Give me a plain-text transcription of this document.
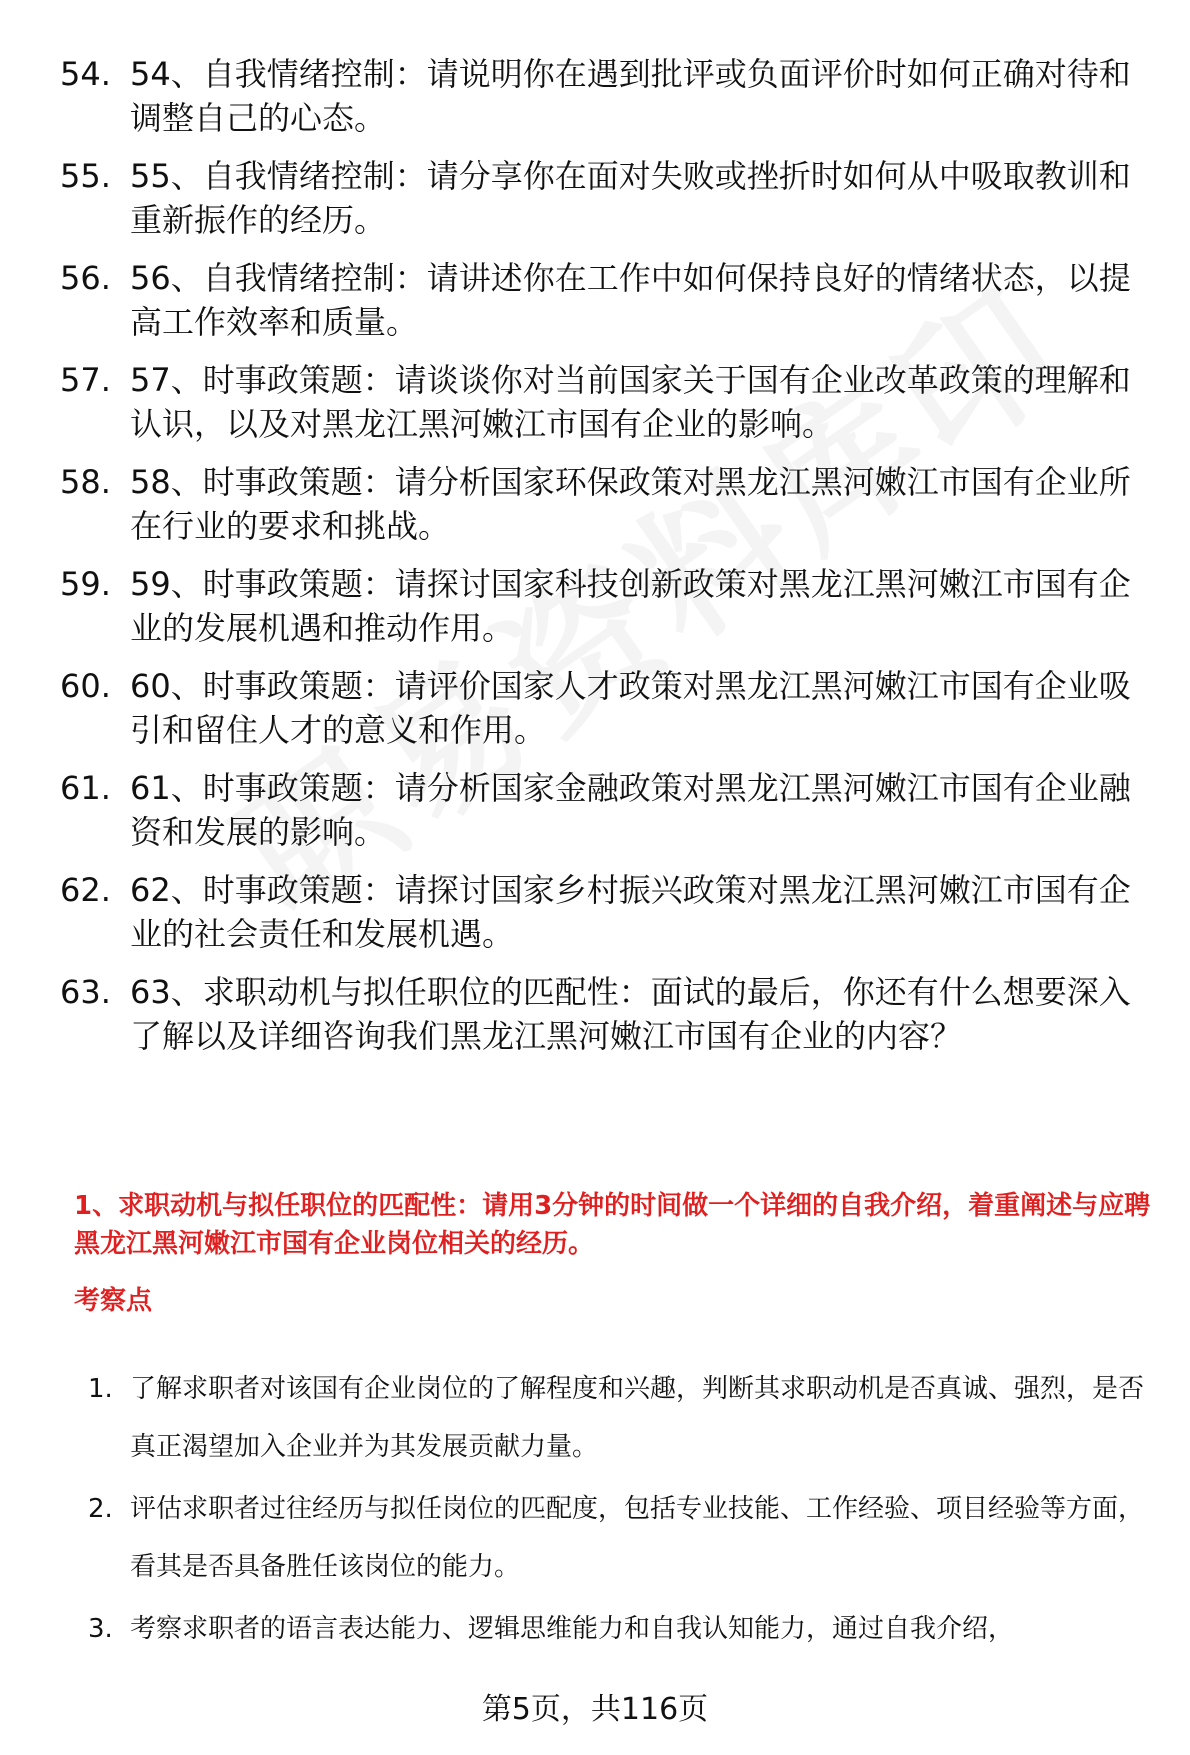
54. 54、自我情绪控制：请说明你在遇到批评或负面评价时如何正确对待和调整自己的心态。
55. 55、自我情绪控制：请分享你在面对失败或挫折时如何从中吸取教训和重新振作的经历。
56. 56、自我情绪控制：请讲述你在工作中如何保持良好的情绪状态，以提高工作效率和质量。
57. 57、时事政策题：请谈谈你对当前国家关于国有企业改革政策的理解和认识，以及对黑龙江黑河嫩江市国有企业的影响。
58. 58、时事政策题：请分析国家环保政策对黑龙江黑河嫩江市国有企业所在行业的要求和挑战。
59. 59、时事政策题：请探讨国家科技创新政策对黑龙江黑河嫩江市国有企业的发展机遇和推动作用。
60. 60、时事政策题：请评价国家人才政策对黑龙江黑河嫩江市国有企业吸引和留住人才的意义和作用。
61. 61、时事政策题：请分析国家金融政策对黑龙江黑河嫩江市国有企业融资和发展的影响。
62. 62、时事政策题：请探讨国家乡村振兴政策对黑龙江黑河嫩江市国有企业的社会责任和发展机遇。
63. 63、求职动机与拟任职位的匹配性：面试的最后，你还有什么想要深入了解以及详细咨询我们黑龙江黑河嫩江市国有企业的内容？
1、求职动机与拟任职位的匹配性：请用3分钟的时间做一个详细的自我介绍，着重阐述与应聘黑龙江黑河嫩江市国有企业岗位相关的经历。
考察点
1. 了解求职者对该国有企业岗位的了解程度和兴趣，判断其求职动机是否真诚、强烈，是否真正渴望加入企业并为其发展贡献力量。
2. 评估求职者过往经历与拟任岗位的匹配度，包括专业技能、工作经验、项目经验等方面，看其是否具备胜任该岗位的能力。
3. 考察求职者的语言表达能力、逻辑思维能力和自我认知能力，通过自我介绍，
第5页，共116页
